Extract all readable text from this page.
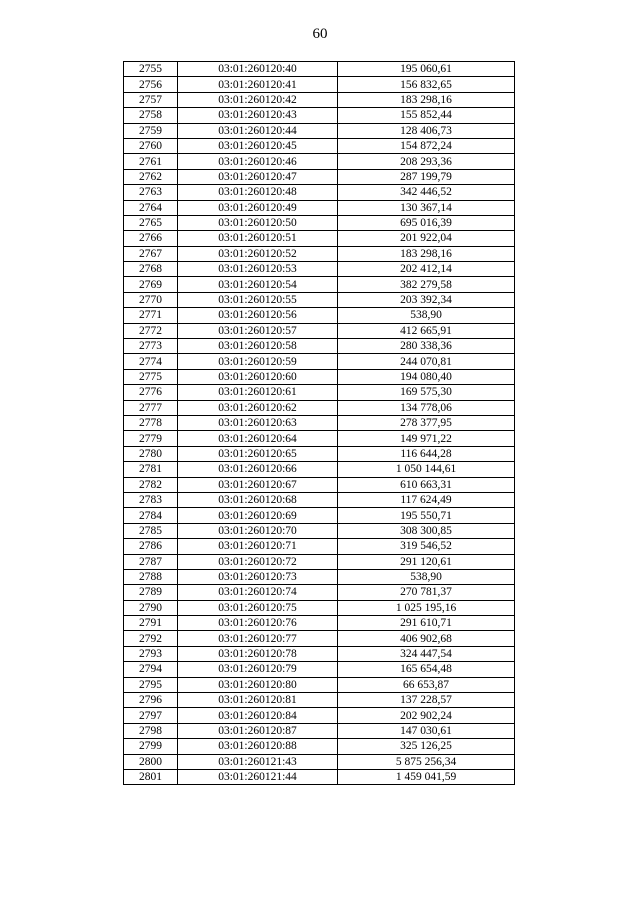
60
2755	03:01:260120:40	195 060,61
2756	03:01:260120:41	156 832,65
2757	03:01:260120:42	183 298,16
2758	03:01:260120:43	155 852,44
2759	03:01:260120:44	128 406,73
2760	03:01:260120:45	154 872,24
2761	03:01:260120:46	208 293,36
2762	03:01:260120:47	287 199,79
2763	03:01:260120:48	342 446,52
2764	03:01:260120:49	130 367,14
2765	03:01:260120:50	695 016,39
2766	03:01:260120:51	201 922,04
2767	03:01:260120:52	183 298,16
2768	03:01:260120:53	202 412,14
2769	03:01:260120:54	382 279,58
2770	03:01:260120:55	203 392,34
2771	03:01:260120:56	538,90
2772	03:01:260120:57	412 665,91
2773	03:01:260120:58	280 338,36
2774	03:01:260120:59	244 070,81
2775	03:01:260120:60	194 080,40
2776	03:01:260120:61	169 575,30
2777	03:01:260120:62	134 778,06
2778	03:01:260120:63	278 377,95
2779	03:01:260120:64	149 971,22
2780	03:01:260120:65	116 644,28
2781	03:01:260120:66	1 050 144,61
2782	03:01:260120:67	610 663,31
2783	03:01:260120:68	117 624,49
2784	03:01:260120:69	195 550,71
2785	03:01:260120:70	308 300,85
2786	03:01:260120:71	319 546,52
2787	03:01:260120:72	291 120,61
2788	03:01:260120:73	538,90
2789	03:01:260120:74	270 781,37
2790	03:01:260120:75	1 025 195,16
2791	03:01:260120:76	291 610,71
2792	03:01:260120:77	406 902,68
2793	03:01:260120:78	324 447,54
2794	03:01:260120:79	165 654,48
2795	03:01:260120:80	66 653,87
2796	03:01:260120:81	137 228,57
2797	03:01:260120:84	202 902,24
2798	03:01:260120:87	147 030,61
2799	03:01:260120:88	325 126,25
2800	03:01:260121:43	5 875 256,34
2801	03:01:260121:44	1 459 041,59
